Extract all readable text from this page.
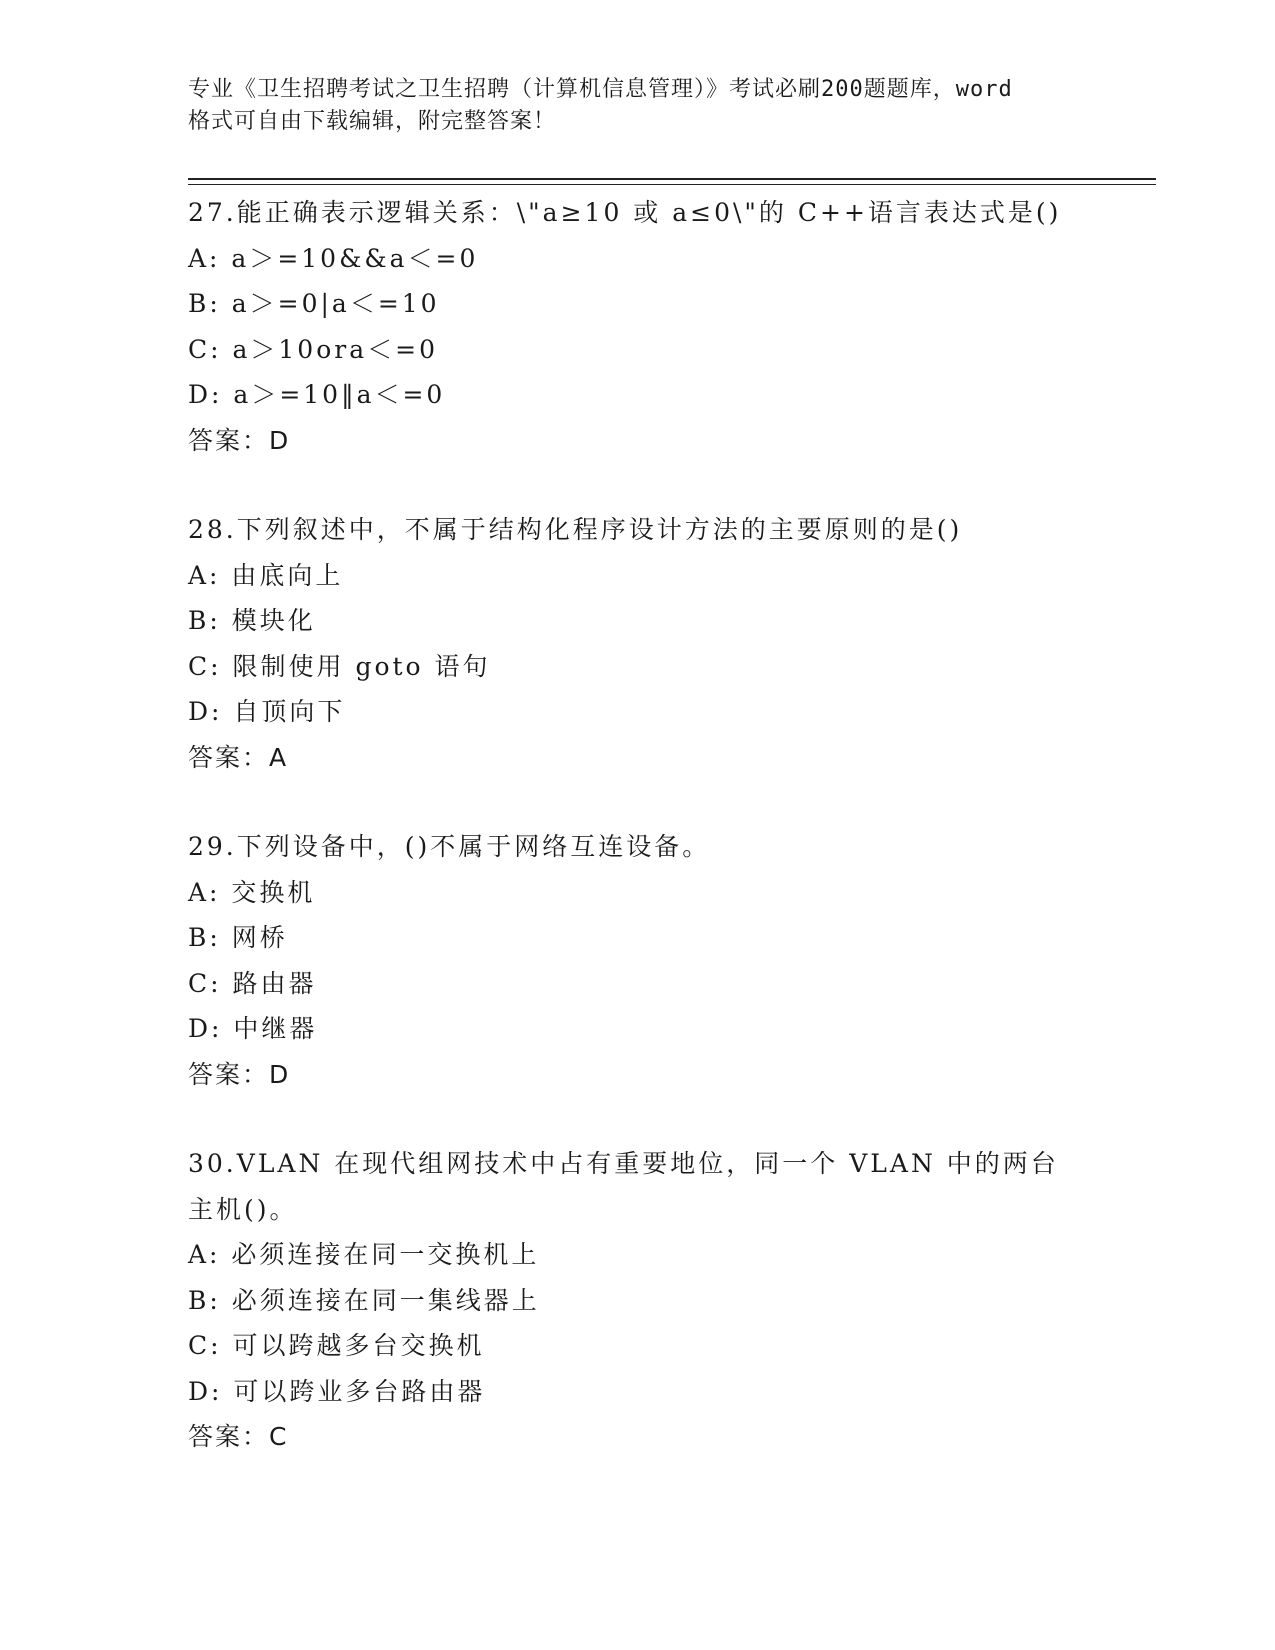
专业《卫生招聘考试之卫生招聘（计算机信息管理）》考试必刷200题题库，word
格式可自由下载编辑，附完整答案！
27.能正确表示逻辑关系：\"a≥10 或 a≤0\"的 C++语言表达式是()
A: a＞=10&&a＜=0
B: a＞=0|a＜=10
C: a＞10ora＜=0
D: a＞=10‖a＜=0
答案：D
28.下列叙述中，不属于结构化程序设计方法的主要原则的是()
A: 由底向上
B: 模块化
C: 限制使用 goto 语句
D: 自顶向下
答案：A
29.下列设备中，()不属于网络互连设备。
A: 交换机
B: 网桥
C: 路由器
D: 中继器
答案：D
30.VLAN 在现代组网技术中占有重要地位，同一个 VLAN 中的两台主机()。
A: 必须连接在同一交换机上
B: 必须连接在同一集线器上
C: 可以跨越多台交换机
D: 可以跨业多台路由器
答案：C
